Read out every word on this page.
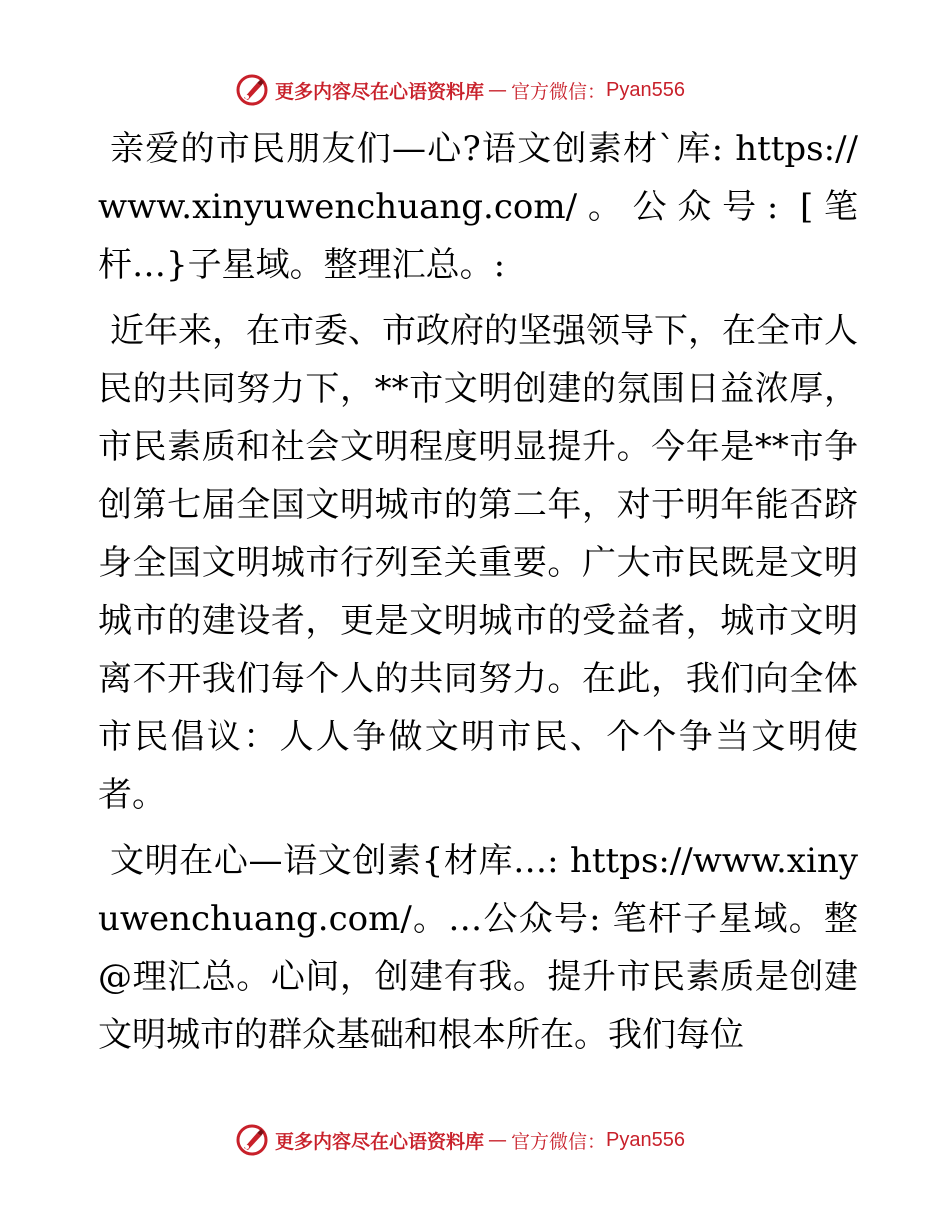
更多内容尽在心语资料库 — 官方微信： Pyan556

亲爱的市民朋友们—心?语文创素材`库: https://www.xinyuwenchuang.com/。公众号: [笔杆…}子星域。整理汇总。:

近年来，在市委、市政府的坚强领导下，在全市人民的共同努力下，**市文明创建的氛围日益浓厚，市民素质和社会文明程度明显提升。今年是**市争创第七届全国文明城市的第二年，对于明年能否跻身全国文明城市行列至关重要。广大市民既是文明城市的建设者，更是文明城市的受益者，城市文明离不开我们每个人的共同努力。在此，我们向全体市民倡议：人人争做文明市民、个个争当文明使者。

文明在心—语文创素{材库…: https://www.xinyuwenchuang.com/。…公众号: 笔杆子星域。整@理汇总。心间，创建有我。提升市民素质是创建文明城市的群众基础和根本所在。我们每位

更多内容尽在心语资料库 — 官方微信： Pyan556
